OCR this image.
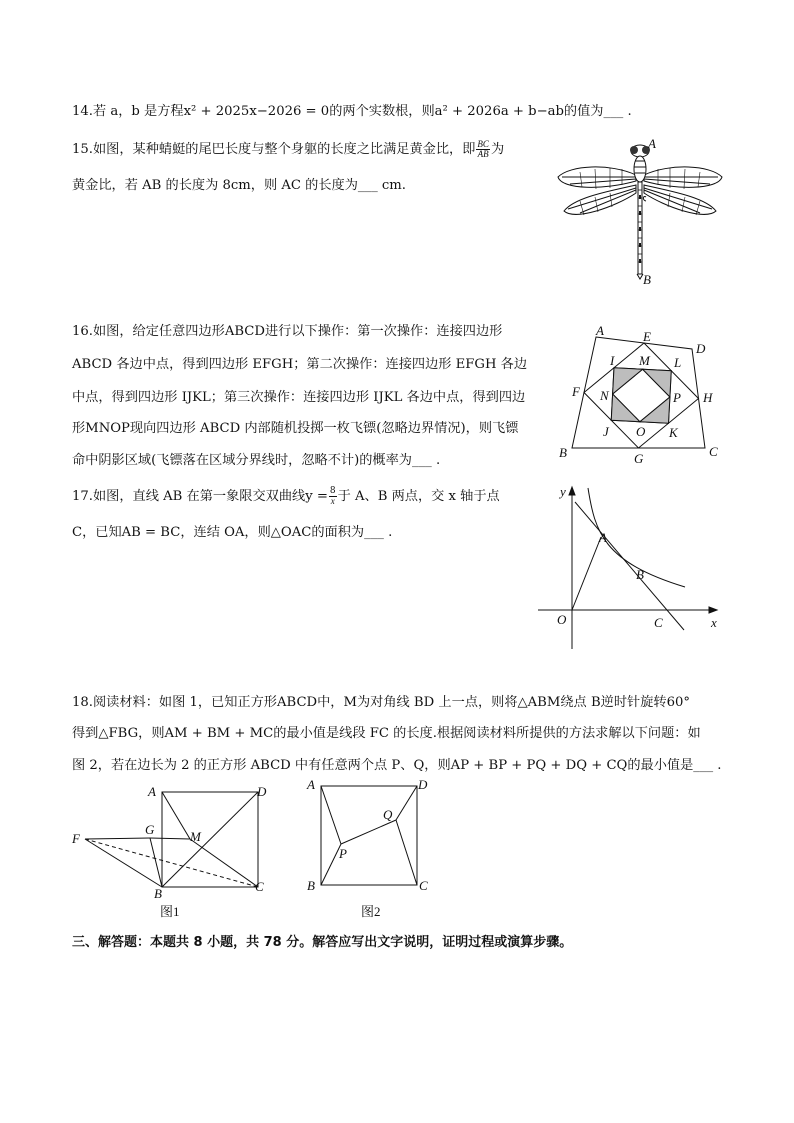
14.若 a，b 是方程x² + 2025x−2026 = 0的两个实数根，则a² + 2026a + b−ab的值为___ .
15.如图，某种蜻蜓的尾巴长度与整个身躯的长度之比满足黄金比，即 $\frac{BC}{AB}$ 为
黄金比，若 AB 的长度为 8cm，则 AC 的长度为___ cm.
A
B
16.如图，给定任意四边形ABCD进行以下操作：第一次操作：连接四边形
ABCD 各边中点，得到四边形 EFGH；第二次操作：连接四边形 EFGH 各边
中点，得到四边形 IJKL；第三次操作：连接四边形 IJKL 各边中点，得到四边
形MNOP现向四边形 ABCD 内部随机投掷一枚飞镖(忽略边界情况)，则飞镖
命中阴影区域(飞镖落在区域分界线时，忽略不计)的概率为___ .
A	E
D
F	H
B	G	C
I M L
N	P
J O K
17.如图，直线 AB 在第一象限交双曲线$y = \frac{8}{x}$ 于 A、B 两点，交 x 轴于点
C，已知AB = BC，连结 OA，则△OAC的面积为___ .
y
x
O
A
B
C
18.阅读材料：如图 1，已知正方形ABCD中，M为对角线 BD 上一点，则将△ABM绕点 B逆时针旋转60°
得到△FBG，则AM + BM + MC的最小值是线段 FC 的长度.根据阅读材料所提供的方法求解以下问题：如
图 2，若在边长为 2 的正方形 ABCD 中有任意两个点 P、Q，则AP + BP + PQ + DQ + CQ的最小值是___ .
A	D
F
G	M
B	C
图1
A	D
P
Q
B	C
图2
三、解答题：本题共 8 小题，共 78 分。解答应写出文字说明，证明过程或演算步骤。
